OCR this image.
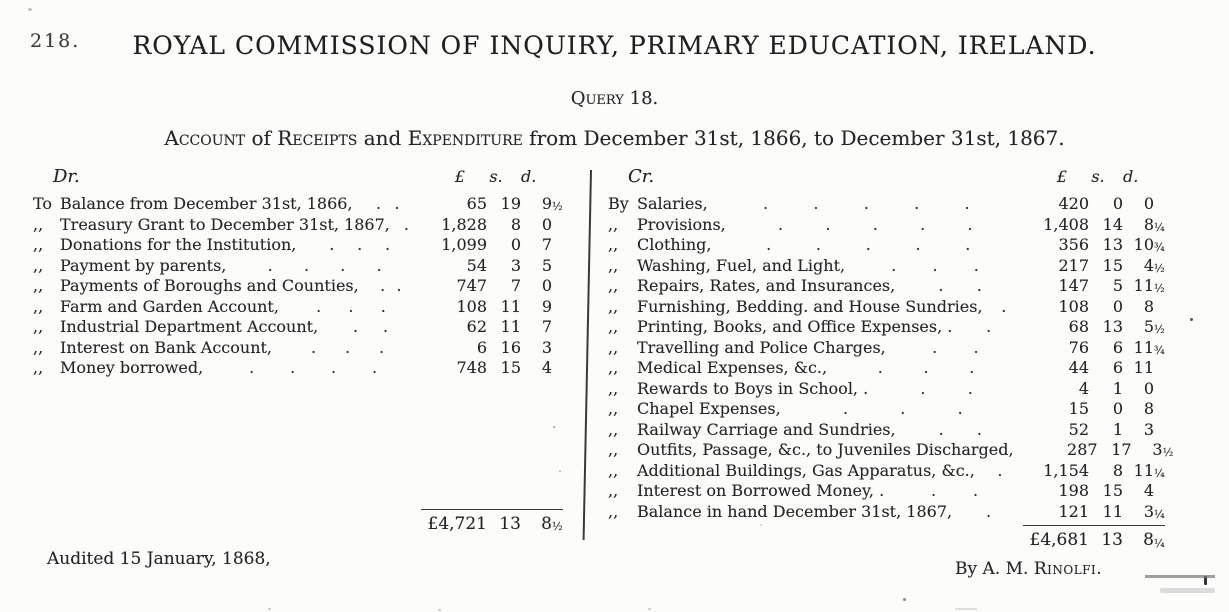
218.	ROYAL COMMISSION OF INQUIRY, PRIMARY EDUCATION, IRELAND.
Query 18.
Account of Receipts and Expenditure from December 31st, 1866, to December 31st, 1867.
Dr.	£	s.	d.
To Balance from December 31st, 1866, . .	65 19 9 ½
,,	Treasury Grant to December 31st, 1867, .	1,828	8 0
,,	Donations for the Institution, . . .	1,099	0 7
,,	Payment by parents,	. . . .	54	3 5
,,	Payments of Boroughs and Counties, . .	747	7 0
,,	Farm and Garden Account, . . .	108 11 9
,,	Industrial Department Account, . .	62 11 7
,,	Interest on Bank Account, . . .	6 16 3
,,	Money borrowed,	. . . .	748 15 4
£4,721 13 8 ½
Cr.	£	s.	d.
By Salaries,	.	.	.	.	.	420	0 0
,,	Provisions,	.	.	.	.	.	1,408 14 8 ¼
,,	Clothing,	.	.	.	.	.	356 13 10 ¾
,,	Washing, Fuel, and Light,	. . .	217 15 4 ½
,,	Repairs, Rates, and Insurances,	. .	147	5 11 ½
,,	Furnishing, Bedding. and House Sundries, .	108	0 8
,,	Printing, Books, and Office Expenses, . .	68 13 5 ½
,,	Travelling and Police Charges,	. .	76	6 11 ¾
,,	Medical Expenses, &c.,	.	.	.	44	6 11
,,	Rewards to Boys in School, .	.	.	4	1 0
,,	Chapel Expenses,	.	.	.	15	0 8
,,	Railway Carriage and Sundries,	. .	52	1 3
,,	Outfits, Passage, &c., to Juveniles Discharged,	287 17 3 ½
,,	Additional Buildings, Gas Apparatus, &c., .	1,154	8 11 ¼
,,	Interest on Borrowed Money, .	. .	198 15 4
,,	Balance in hand December 31st, 1867, .	121 11 3 ¼
£4,681 13 8 ¼
Audited 15 January, 1868,	By A. M. Rinolfi.
